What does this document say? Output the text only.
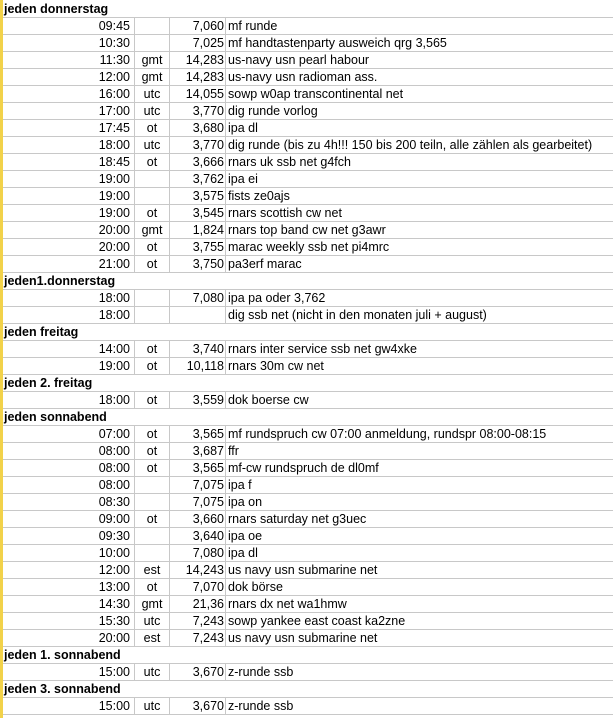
jeden donnerstag
09:45	7,060 mf runde
10:30	7,025 mf handtastenparty ausweich qrg 3,565
11:30 gmt	14,283 us-navy usn pearl habour
12:00 gmt	14,283 us-navy usn radioman ass.
16:00	utc	14,055 sowp w0ap transcontinental net
17:00	utc	3,770 dig runde vorlog
17:45	ot	3,680 ipa dl
18:00	utc	3,770 dig runde (bis zu 4h!!! 150 bis 200 teiln, alle zählen als gearbeitet)
18:45	ot	3,666 rnars uk ssb net g4fch
19:00	3,762 ipa ei
19:00	3,575 fists ze0ajs
19:00	ot	3,545 rnars scottish cw net
20:00 gmt	1,824 rnars top band cw net g3awr
20:00	ot	3,755 marac weekly ssb net pi4mrc
21:00	ot	3,750 pa3erf marac
jeden1.donnerstag
18:00	7,080 ipa pa oder 3,762
18:00	dig ssb net (nicht in den monaten juli + august)
jeden freitag
14:00	ot	3,740 rnars inter service ssb net gw4xke
19:00	ot	10,118 rnars 30m cw net
jeden 2. freitag
18:00	ot	3,559 dok boerse cw
jeden sonnabend
07:00	ot	3,565 mf rundspruch cw 07:00 anmeldung, rundspr 08:00-08:15
08:00	ot	3,687 ffr
08:00	ot	3,565 mf-cw rundspruch de dl0mf
08:00	7,075 ipa f
08:30	7,075 ipa on
09:00	ot	3,660 rnars saturday net g3uec
09:30	3,640 ipa oe
10:00	7,080 ipa dl
12:00	est	14,243 us navy usn submarine net
13:00	ot	7,070 dok börse
14:30 gmt	21,36 rnars dx net wa1hmw
15:30	utc	7,243 sowp yankee east coast ka2zne
20:00	est	7,243 us navy usn submarine net
jeden 1. sonnabend
15:00	utc	3,670 z-runde ssb
jeden 3. sonnabend
15:00	utc	3,670 z-runde ssb
